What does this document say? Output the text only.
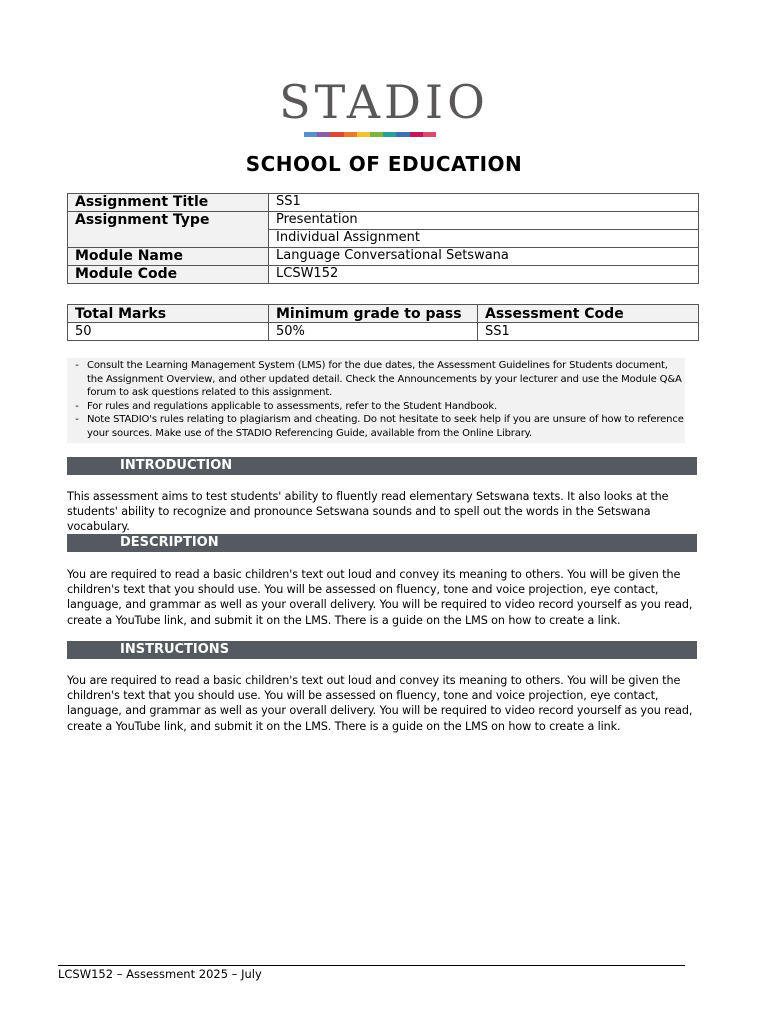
STADIO
SCHOOL OF EDUCATION
Assignment Title	SS1
Assignment Type	Presentation
	Individual Assignment
Module Name	Language Conversational Setswana
Module Code	LCSW152
Total Marks	Minimum grade to pass	Assessment Code
50	50%	SS1
- Consult the Learning Management System (LMS) for the due dates, the Assessment Guidelines for Students document, the Assignment Overview, and other updated detail. Check the Announcements by your lecturer and use the Module Q&A forum to ask questions related to this assignment.
- For rules and regulations applicable to assessments, refer to the Student Handbook.
- Note STADIO's rules relating to plagiarism and cheating. Do not hesitate to seek help if you are unsure of how to reference your sources. Make use of the STADIO Referencing Guide, available from the Online Library.
INTRODUCTION
This assessment aims to test students' ability to fluently read elementary Setswana texts. It also looks at the students' ability to recognize and pronounce Setswana sounds and to spell out the words in the Setswana vocabulary.
DESCRIPTION
You are required to read a basic children's text out loud and convey its meaning to others. You will be given the children's text that you should use. You will be assessed on fluency, tone and voice projection, eye contact, language, and grammar as well as your overall delivery. You will be required to video record yourself as you read, create a YouTube link, and submit it on the LMS. There is a guide on the LMS on how to create a link.
INSTRUCTIONS
You are required to read a basic children's text out loud and convey its meaning to others. You will be given the children's text that you should use. You will be assessed on fluency, tone and voice projection, eye contact, language, and grammar as well as your overall delivery. You will be required to video record yourself as you read, create a YouTube link, and submit it on the LMS. There is a guide on the LMS on how to create a link.
LCSW152 – Assessment 2025 – July
